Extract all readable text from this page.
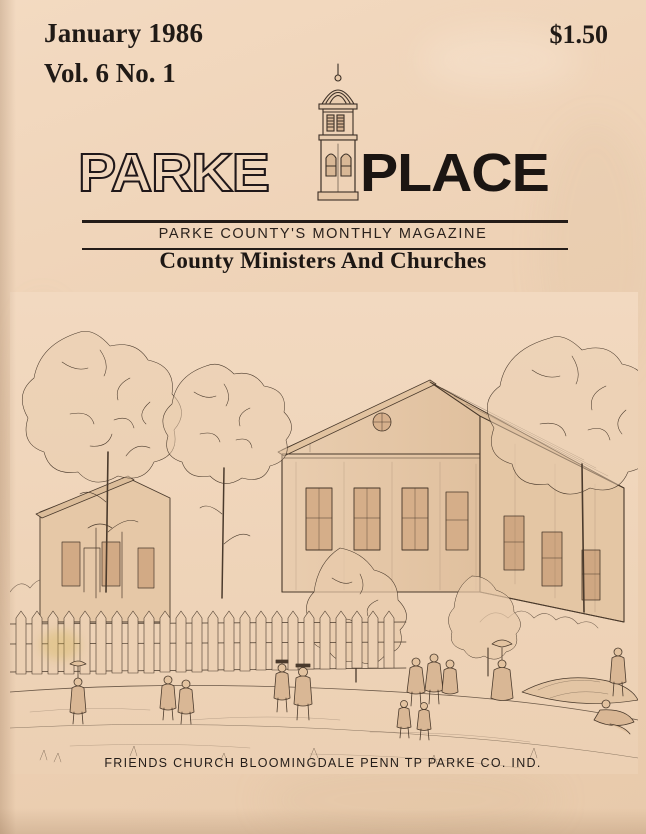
January 1986	$1.50
Vol. 6 No. 1
PARKE PLACE
PARKE COUNTY'S MONTHLY MAGAZINE
County Ministers And Churches
FRIENDS CHURCH BLOOMINGDALE PENN TP PARKE CO. IND.
